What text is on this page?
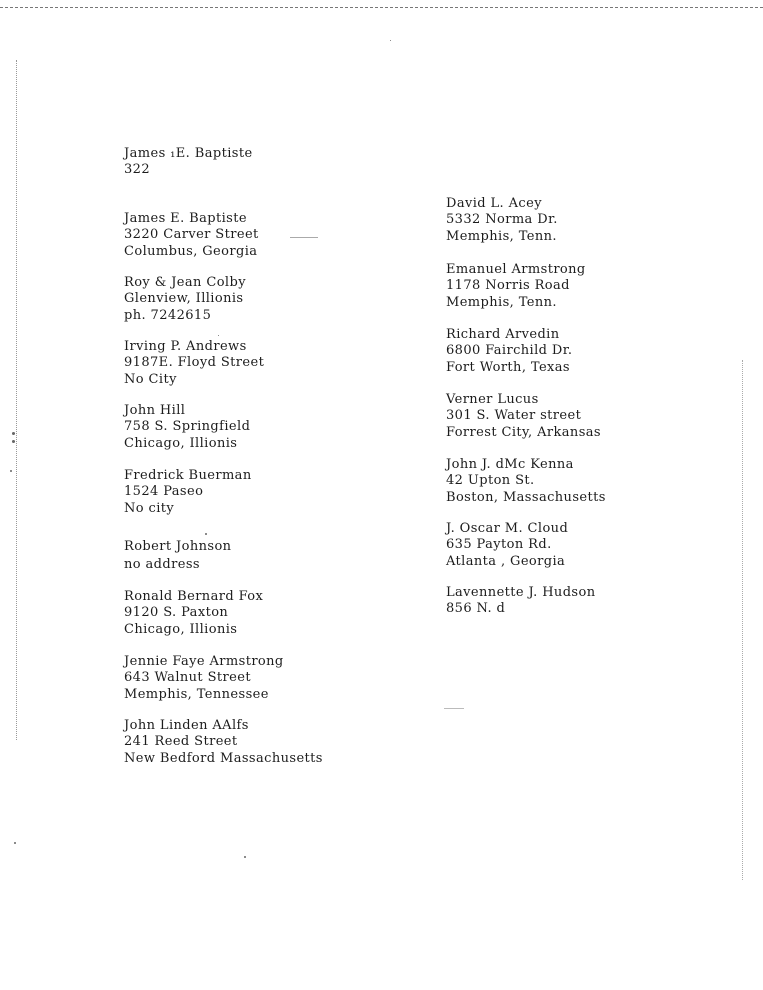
James ₁E. Baptiste
322
James E. Baptiste
3220 Carver Street
Columbus, Georgia
Roy & Jean Colby
Glenview, Illionis
ph. 7242615
Irving P. Andrews
9187E. Floyd Street
No City
John Hill
758 S. Springfield
Chicago, Illionis
Fredrick Buerman
1524 Paseo
No city
Robert Johnson
no address
Ronald Bernard Fox
9120 S. Paxton
Chicago, Illionis
Jennie Faye Armstrong
643 Walnut Street
Memphis, Tennessee
John Linden AAlfs
241 Reed Street
New Bedford Massachusetts
David L. Acey
5332 Norma Dr.
Memphis, Tenn.
Emanuel Armstrong
1178 Norris Road
Memphis, Tenn.
Richard Arvedin
6800 Fairchild Dr.
Fort Worth, Texas
Verner Lucus
301 S. Water street
Forrest City, Arkansas
John J. dMc Kenna
42 Upton St.
Boston, Massachusetts
J. Oscar M. Cloud
635 Payton Rd.
Atlanta , Georgia
Lavennette J. Hudson
856 N. d
